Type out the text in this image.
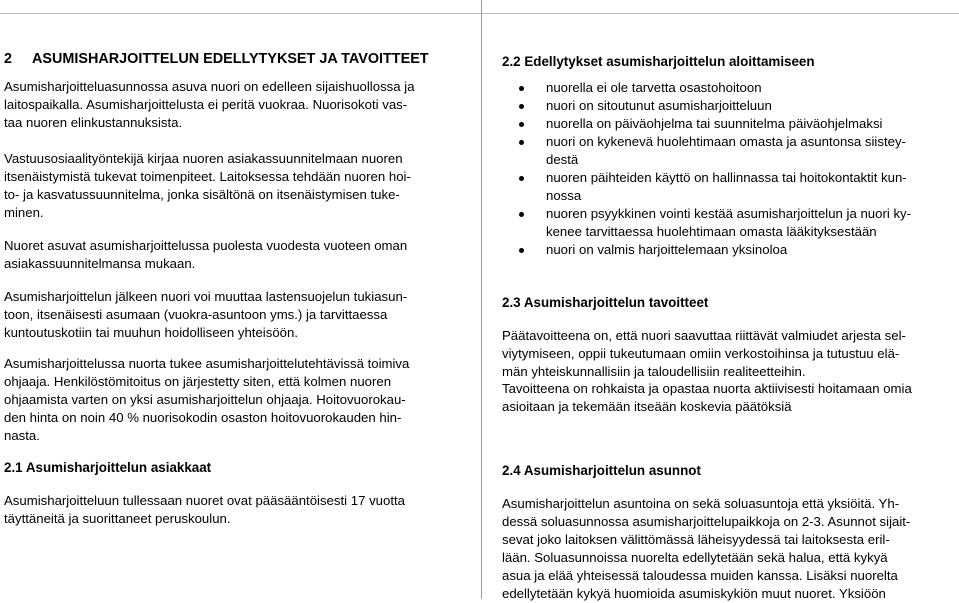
2 ASUMISHARJOITTELUN EDELLYTYKSET JA TAVOITTEET
Asumisharjoitteluasunnossa asuva nuori on edelleen sijaishuollossa ja
laitospaikalla. Asumisharjoittelusta ei peritä vuokraa. Nuorisokoti vas-
taa nuoren elinkustannuksista.
Vastuusosiaalityöntekijä kirjaa nuoren asiakassuunnitelmaan nuoren
itsenäistymistä tukevat toimenpiteet. Laitoksessa tehdään nuoren hoi-
to- ja kasvatussuunnitelma, jonka sisältönä on itsenäistymisen tuke-
minen.
Nuoret asuvat asumisharjoittelussa puolesta vuodesta vuoteen oman
asiakassuunnitelmansa mukaan.
Asumisharjoittelun jälkeen nuori voi muuttaa lastensuojelun tukiasun-
toon, itsenäisesti asumaan (vuokra-asuntoon yms.) ja tarvittaessa
kuntoutuskotiin tai muuhun hoidolliseen yhteisöön.
Asumisharjoittelussa nuorta tukee asumisharjoittelutehtävissä toimiva
ohjaaja. Henkilöstömitoitus on järjestetty siten, että kolmen nuoren
ohjaamista varten on yksi asumisharjoittelun ohjaaja. Hoitovuorokau-
den hinta on noin 40 % nuorisokodin osaston hoitovuorokauden hin-
nasta.
2.1 Asumisharjoittelun asiakkaat
Asumisharjoitteluun tullessaan nuoret ovat pääsääntöisesti 17 vuotta
täyttäneitä ja suorittaneet peruskoulun.
2.2 Edellytykset asumisharjoittelun aloittamiseen
nuorella ei ole tarvetta osastohoitoon
nuori on sitoutunut asumisharjoitteluun
nuorella on päiväohjelma tai suunnitelma päiväohjelmaksi
nuori on kykenevä huolehtimaan omasta ja asuntonsa siistey-
destä
nuoren päihteiden käyttö on hallinnassa tai hoitokontaktit kun-
nossa
nuoren psyykkinen vointi kestää asumisharjoittelun ja nuori ky-
kenee tarvittaessa huolehtimaan omasta lääkityksestään
nuori on valmis harjoittelemaan yksinoloa
2.3 Asumisharjoittelun tavoitteet
Päätavoitteena on, että nuori saavuttaa riittävät valmiudet arjesta sel-
viytymiseen, oppii tukeutumaan omiin verkostoihinsa ja tutustuu elä-
män yhteiskunnallisiin ja taloudellisiin realiteetteihin.
Tavoitteena on rohkaista ja opastaa nuorta aktiivisesti hoitamaan omia
asioitaan ja tekemään itseään koskevia päätöksiä
2.4 Asumisharjoittelun asunnot
Asumisharjoittelun asuntoina on sekä soluasuntoja että yksiöitä. Yh-
dessä soluasunnossa asumisharjoittelupaikkoja on 2-3. Asunnot sijait-
sevat joko laitoksen välittömässä läheisyydessä tai laitoksesta eril-
lään. Soluasunnoissa nuorelta edellytetään sekä halua, että kykyä
asua ja elää yhteisessä taloudessa muiden kanssa. Lisäksi nuorelta
edellytetään kykyä huomioida asumiskykiön muut nuoret. Yksiöön
